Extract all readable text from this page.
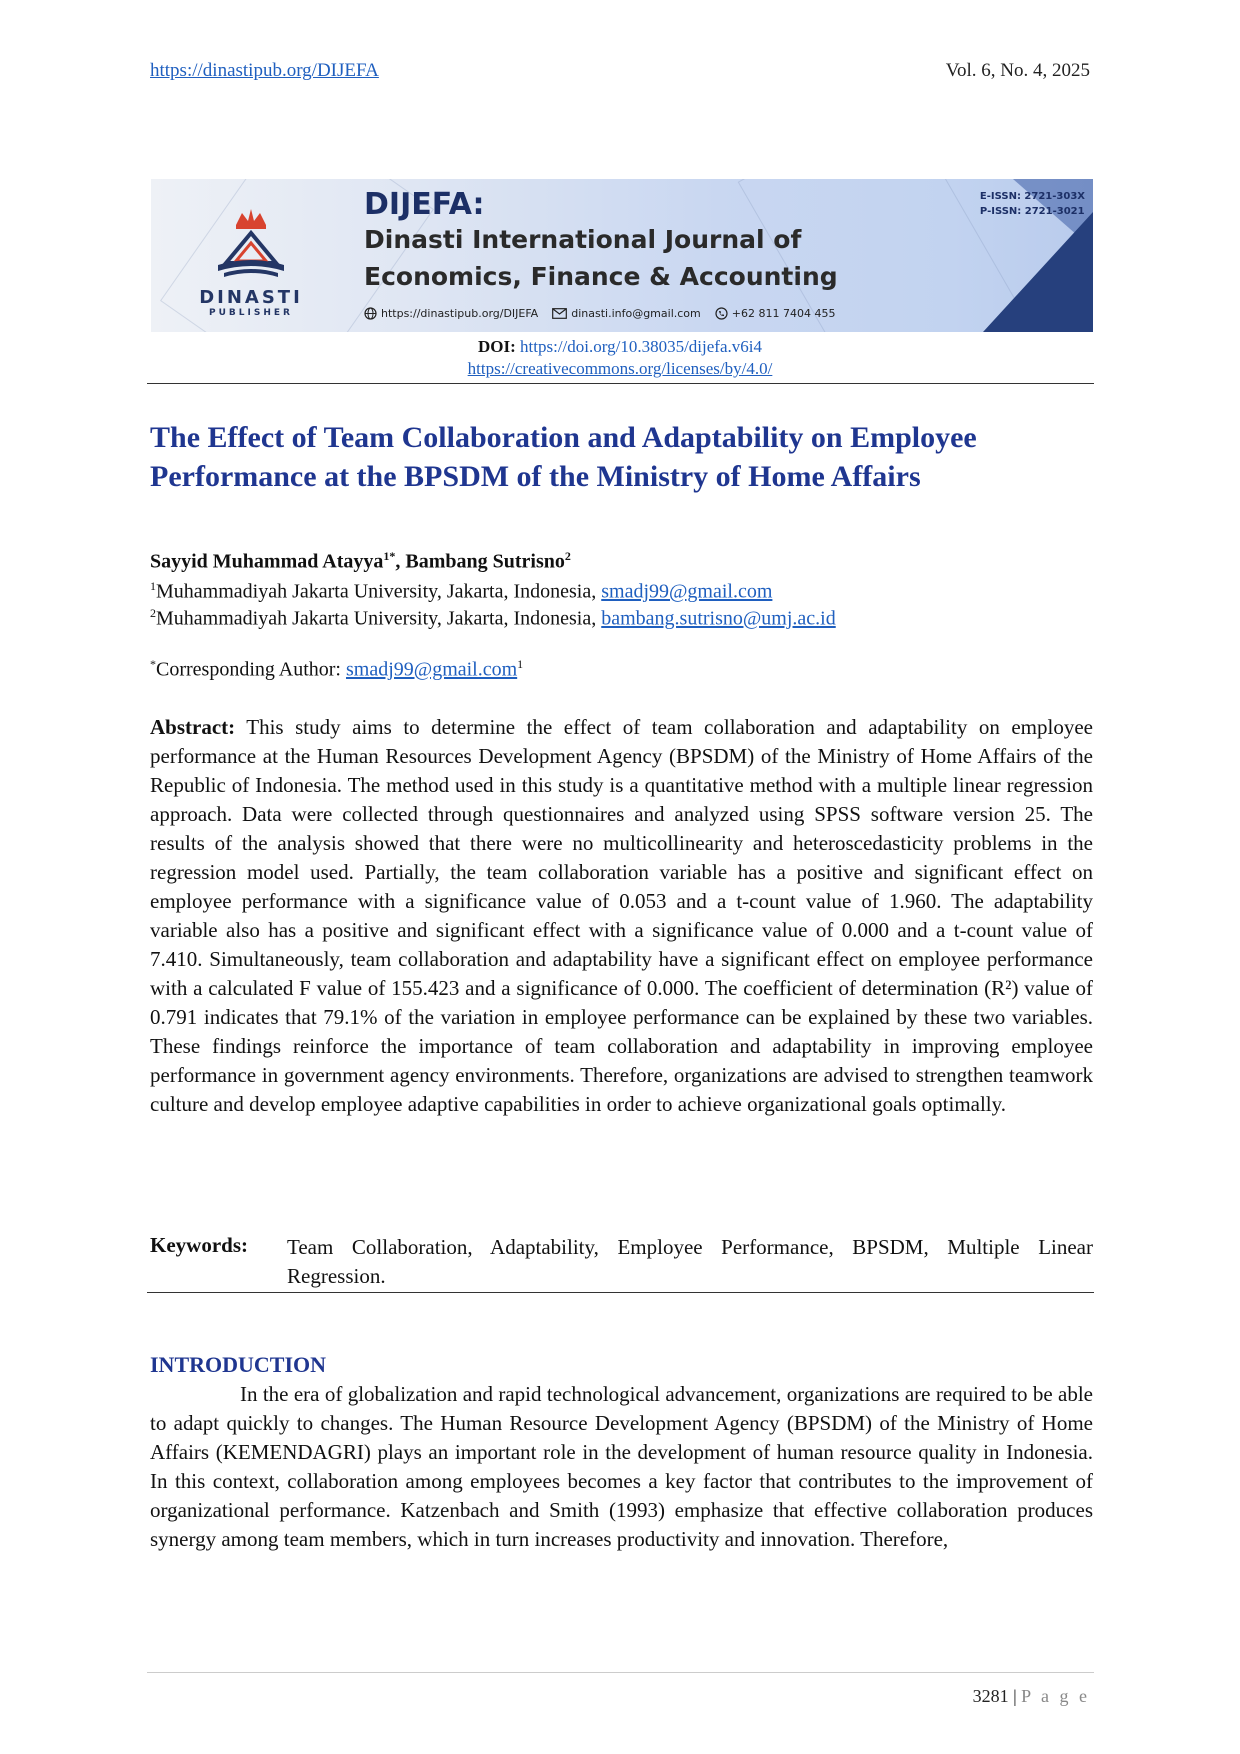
https://dinastipub.org/DIJEFA	Vol. 6, No. 4, 2025
DINASTI
PUBLISHER
DIJEFA:
Dinasti International Journal of
Economics, Finance & Accounting
https://dinastipub.org/DIJEFA	dinasti.info@gmail.com	+62 811 7404 455
E-ISSN: 2721-303X
P-ISSN: 2721-3021
DOI: https://doi.org/10.38035/dijefa.v6i4
https://creativecommons.org/licenses/by/4.0/
The Effect of Team Collaboration and Adaptability on Employee Performance at the BPSDM of the Ministry of Home Affairs
Sayyid Muhammad Atayya$^{1*}$, Bambang Sutrisno$^2$
$^1$Muhammadiyah Jakarta University, Jakarta, Indonesia, smadj99@gmail.com
$^2$Muhammadiyah Jakarta University, Jakarta, Indonesia, bambang.sutrisno@umj.ac.id
*Corresponding Author: smadj99@gmail.com$^1$
Abstract: This study aims to determine the effect of team collaboration and adaptability on employee performance at the Human Resources Development Agency (BPSDM) of the Ministry of Home Affairs of the Republic of Indonesia. The method used in this study is a quantitative method with a multiple linear regression approach. Data were collected through questionnaires and analyzed using SPSS software version 25. The results of the analysis showed that there were no multicollinearity and heteroscedasticity problems in the regression model used. Partially, the team collaboration variable has a positive and significant effect on employee performance with a significance value of 0.053 and a t-count value of 1.960. The adaptability variable also has a positive and significant effect with a significance value of 0.000 and a t-count value of 7.410. Simultaneously, team collaboration and adaptability have a significant effect on employee performance with a calculated F value of 155.423 and a significance of 0.000. The coefficient of determination (R²) value of 0.791 indicates that 79.1% of the variation in employee performance can be explained by these two variables. These findings reinforce the importance of team collaboration and adaptability in improving employee performance in government agency environments. Therefore, organizations are advised to strengthen teamwork culture and develop employee adaptive capabilities in order to achieve organizational goals optimally.
Keywords: Team Collaboration, Adaptability, Employee Performance, BPSDM, Multiple Linear Regression.
INTRODUCTION

In the era of globalization and rapid technological advancement, organizations are required to be able to adapt quickly to changes. The Human Resource Development Agency (BPSDM) of the Ministry of Home Affairs (KEMENDAGRI) plays an important role in the development of human resource quality in Indonesia. In this context, collaboration among employees becomes a key factor that contributes to the improvement of organizational performance. Katzenbach and Smith (1993) emphasize that effective collaboration produces synergy among team members, which in turn increases productivity and innovation. Therefore,

3281 | P a g e
